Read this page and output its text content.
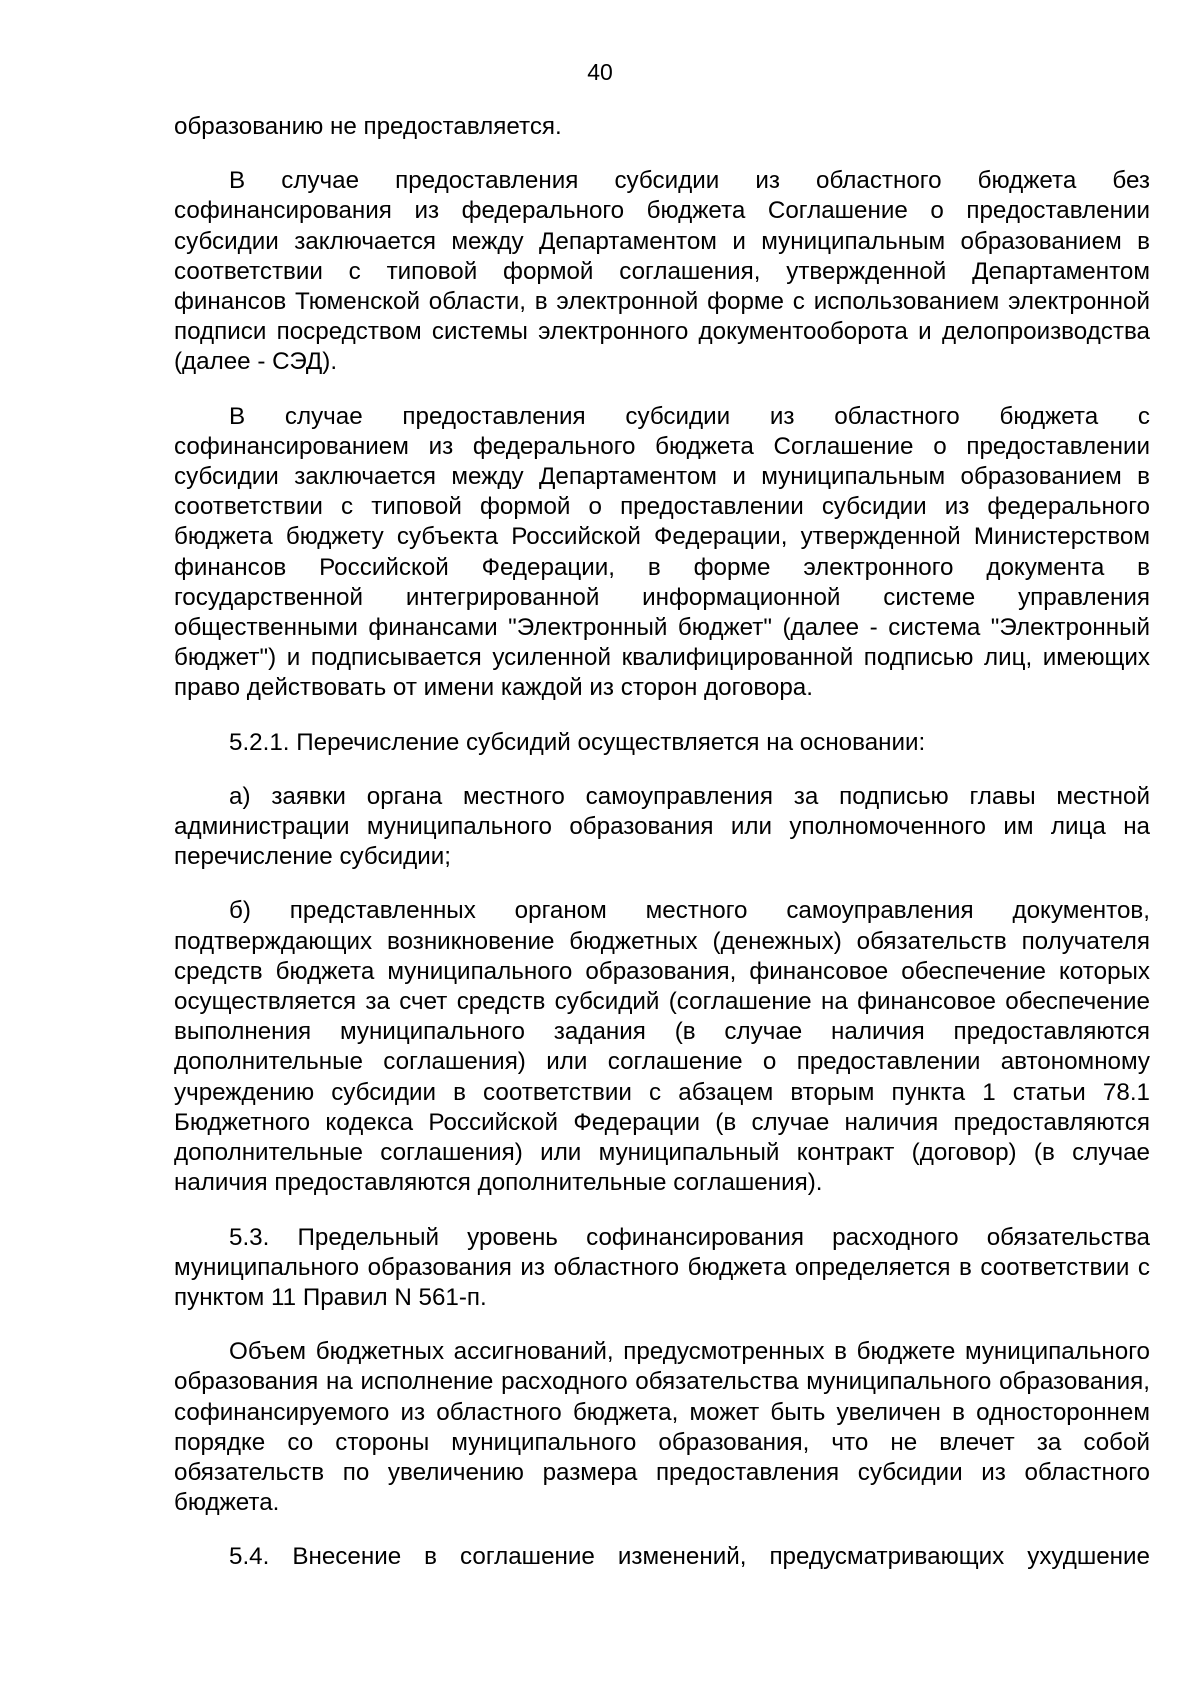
40

образованию не предоставляется.

В случае предоставления субсидии из областного бюджета без софинансирования из федерального бюджета Соглашение о предоставлении субсидии заключается между Департаментом и муниципальным образованием в соответствии с типовой формой соглашения, утвержденной Департаментом финансов Тюменской области, в электронной форме с использованием электронной подписи посредством системы электронного документооборота и делопроизводства (далее - СЭД).

В случае предоставления субсидии из областного бюджета с софинансированием из федерального бюджета Соглашение о предоставлении субсидии заключается между Департаментом и муниципальным образованием в соответствии с типовой формой о предоставлении субсидии из федерального бюджета бюджету субъекта Российской Федерации, утвержденной Министерством финансов Российской Федерации, в форме электронного документа в государственной интегрированной информационной системе управления общественными финансами "Электронный бюджет" (далее - система "Электронный бюджет") и подписывается усиленной квалифицированной подписью лиц, имеющих право действовать от имени каждой из сторон договора.

5.2.1. Перечисление субсидий осуществляется на основании:

а) заявки органа местного самоуправления за подписью главы местной администрации муниципального образования или уполномоченного им лица на перечисление субсидии;

б) представленных органом местного самоуправления документов, подтверждающих возникновение бюджетных (денежных) обязательств получателя средств бюджета муниципального образования, финансовое обеспечение которых осуществляется за счет средств субсидий (соглашение на финансовое обеспечение выполнения муниципального задания (в случае наличия предоставляются дополнительные соглашения) или соглашение о предоставлении автономному учреждению субсидии в соответствии с абзацем вторым пункта 1 статьи 78.1 Бюджетного кодекса Российской Федерации (в случае наличия предоставляются дополнительные соглашения) или муниципальный контракт (договор) (в случае наличия предоставляются дополнительные соглашения).

5.3. Предельный уровень софинансирования расходного обязательства муниципального образования из областного бюджета определяется в соответствии с пунктом 11 Правил N 561-п.

Объем бюджетных ассигнований, предусмотренных в бюджете муниципального образования на исполнение расходного обязательства муниципального образования, софинансируемого из областного бюджета, может быть увеличен в одностороннем порядке со стороны муниципального образования, что не влечет за собой обязательств по увеличению размера предоставления субсидии из областного бюджета.

5.4. Внесение в соглашение изменений, предусматривающих ухудшение
